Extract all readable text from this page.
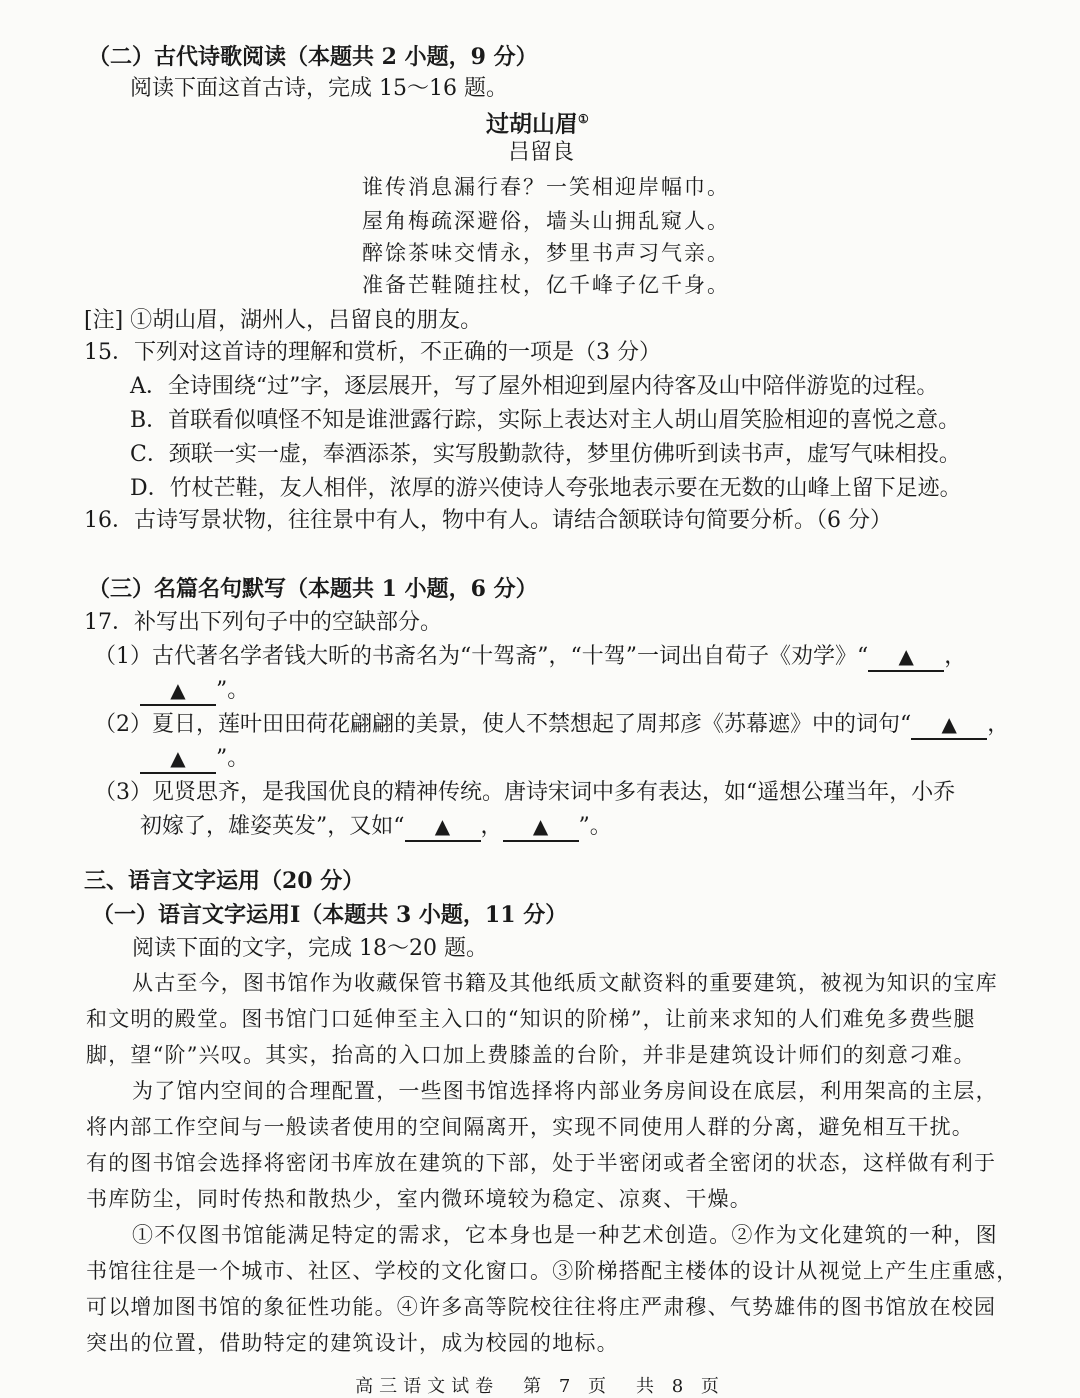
（二）古代诗歌阅读（本题共 2 小题，9 分）
阅读下面这首古诗，完成 15～16 题。
过胡山眉①
吕留良
谁传消息漏行春？一笑相迎岸幅巾。
屋角梅疏深避俗，墙头山拥乱窥人。
醉馀茶味交情永，梦里书声习气亲。
准备芒鞋随拄杖，亿千峰子亿千身。
[注] ①胡山眉，湖州人，吕留良的朋友。
15．下列对这首诗的理解和赏析，不正确的一项是（3 分）
A．全诗围绕“过”字，逐层展开，写了屋外相迎到屋内待客及山中陪伴游览的过程。
B．首联看似嗔怪不知是谁泄露行踪，实际上表达对主人胡山眉笑脸相迎的喜悦之意。
C．颈联一实一虚，奉酒添茶，实写殷勤款待，梦里仿佛听到读书声，虚写气味相投。
D．竹杖芒鞋，友人相伴，浓厚的游兴使诗人夸张地表示要在无数的山峰上留下足迹。
16．古诗写景状物，往往景中有人，物中有人。请结合颔联诗句简要分析。（6 分）
（三）名篇名句默写（本题共 1 小题，6 分）
17．补写出下列句子中的空缺部分。
（1）古代著名学者钱大昕的书斋名为“十驾斋”，“十驾”一词出自荀子《劝学》“ ▲ ，
▲ ”。
（2）夏日，莲叶田田荷花翩翩的美景，使人不禁想起了周邦彦《苏幕遮》中的词句“ ▲ ，
▲ ”。
（3）见贤思齐，是我国优良的精神传统。唐诗宋词中多有表达，如“遥想公瑾当年，小乔
初嫁了，雄姿英发”，又如“ ▲ ， ▲ ”。
三、语言文字运用（20 分）
（一）语言文字运用Ⅰ（本题共 3 小题，11 分）
阅读下面的文字，完成 18～20 题。
从古至今，图书馆作为收藏保管书籍及其他纸质文献资料的重要建筑，被视为知识的宝库
和文明的殿堂。图书馆门口延伸至主入口的“知识的阶梯”，让前来求知的人们难免多费些腿
脚，望“阶”兴叹。其实，抬高的入口加上费膝盖的台阶，并非是建筑设计师们的刻意刁难。
为了馆内空间的合理配置，一些图书馆选择将内部业务房间设在底层，利用架高的主层，
将内部工作空间与一般读者使用的空间隔离开，实现不同使用人群的分离，避免相互干扰。
有的图书馆会选择将密闭书库放在建筑的下部，处于半密闭或者全密闭的状态，这样做有利于
书库防尘，同时传热和散热少，室内微环境较为稳定、凉爽、干燥。
①不仅图书馆能满足特定的需求，它本身也是一种艺术创造。②作为文化建筑的一种，图
书馆往往是一个城市、社区、学校的文化窗口。③阶梯搭配主楼体的设计从视觉上产生庄重感，
可以增加图书馆的象征性功能。④许多高等院校往往将庄严肃穆、气势雄伟的图书馆放在校园
突出的位置，借助特定的建筑设计，成为校园的地标。
高三语文试卷　第 7 页　共 8 页
